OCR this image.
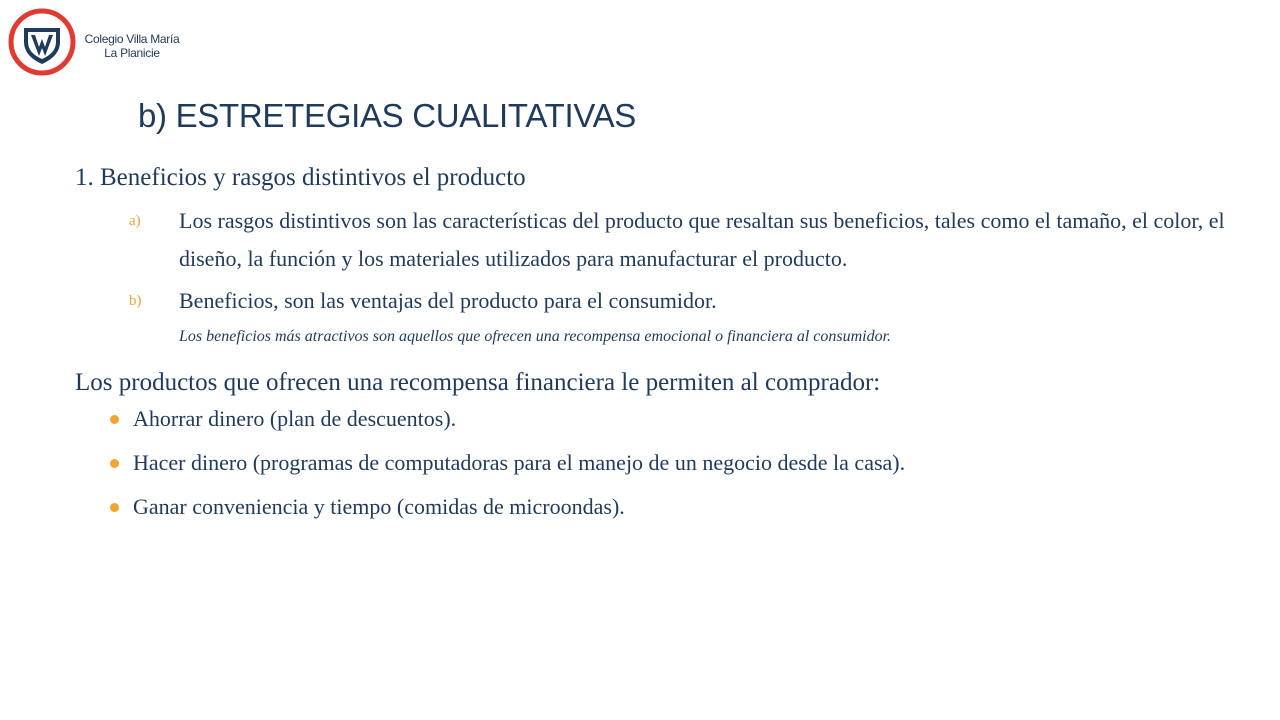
Colegio Villa María
La Planicie
b) ESTRETEGIAS CUALITATIVAS

1. Beneficios y rasgos distintivos el producto

a) Los rasgos distintivos son las características del producto que resaltan sus beneficios, tales como el tamaño, el color, el diseño, la función y los materiales utilizados para manufacturar el producto.
b) Beneficios, son las ventajas del producto para el consumidor.

Los beneficios más atractivos son aquellos que ofrecen una recompensa emocional o financiera al consumidor.

Los productos que ofrecen una recompensa financiera le permiten al comprador:

Ahorrar dinero (plan de descuentos).
Hacer dinero (programas de computadoras para el manejo de un negocio desde la casa).
Ganar conveniencia y tiempo (comidas de microondas).
